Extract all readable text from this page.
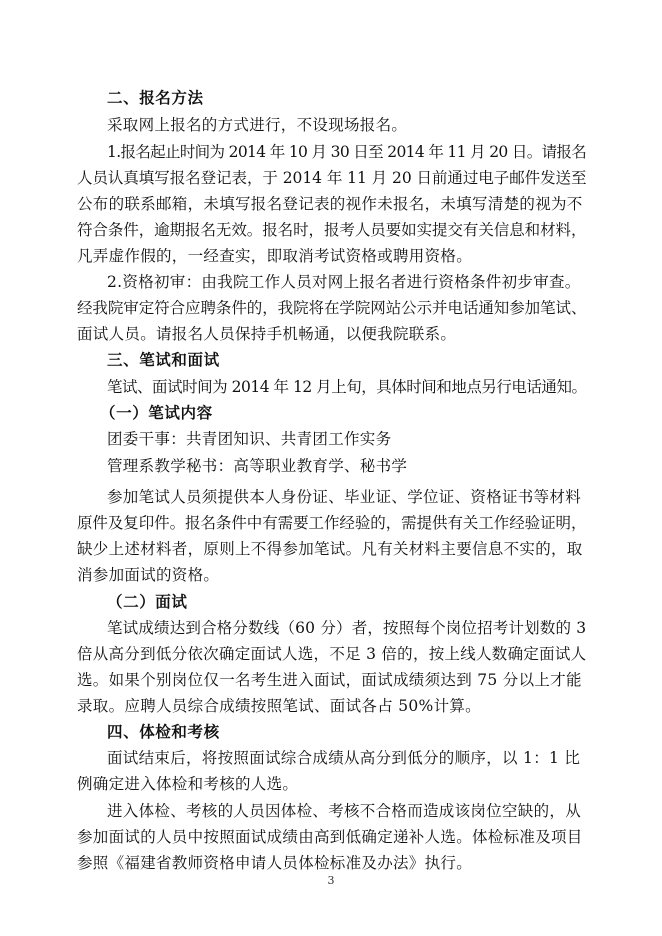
二、报名方法
采取网上报名的方式进行，不设现场报名。
1.报名起止时间为 2014 年 10 月 30 日至 2014 年 11 月 20 日。请报名
人员认真填写报名登记表，于 2014 年 11 月 20 日前通过电子邮件发送至
公布的联系邮箱，未填写报名登记表的视作未报名，未填写清楚的视为不
符合条件，逾期报名无效。报名时，报考人员要如实提交有关信息和材料，
凡弄虚作假的，一经查实，即取消考试资格或聘用资格。
2.资格初审：由我院工作人员对网上报名者进行资格条件初步审查。
经我院审定符合应聘条件的，我院将在学院网站公示并电话通知参加笔试、
面试人员。请报名人员保持手机畅通，以便我院联系。
三、笔试和面试
笔试、面试时间为 2014 年 12 月上旬，具体时间和地点另行电话通知。
（一）笔试内容
团委干事：共青团知识、共青团工作实务
管理系教学秘书：高等职业教育学、秘书学
参加笔试人员须提供本人身份证、毕业证、学位证、资格证书等材料
原件及复印件。报名条件中有需要工作经验的，需提供有关工作经验证明，
缺少上述材料者，原则上不得参加笔试。凡有关材料主要信息不实的，取
消参加面试的资格。
（二）面试
笔试成绩达到合格分数线（60 分）者，按照每个岗位招考计划数的 3
倍从高分到低分依次确定面试人选，不足 3 倍的，按上线人数确定面试人
选。如果个别岗位仅一名考生进入面试，面试成绩须达到 75 分以上才能
录取。应聘人员综合成绩按照笔试、面试各占 50%计算。
四、体检和考核
面试结束后，将按照面试综合成绩从高分到低分的顺序，以 1：1 比
例确定进入体检和考核的人选。
进入体检、考核的人员因体检、考核不合格而造成该岗位空缺的，从
参加面试的人员中按照面试成绩由高到低确定递补人选。体检标准及项目
参照《福建省教师资格申请人员体检标准及办法》执行。
3
